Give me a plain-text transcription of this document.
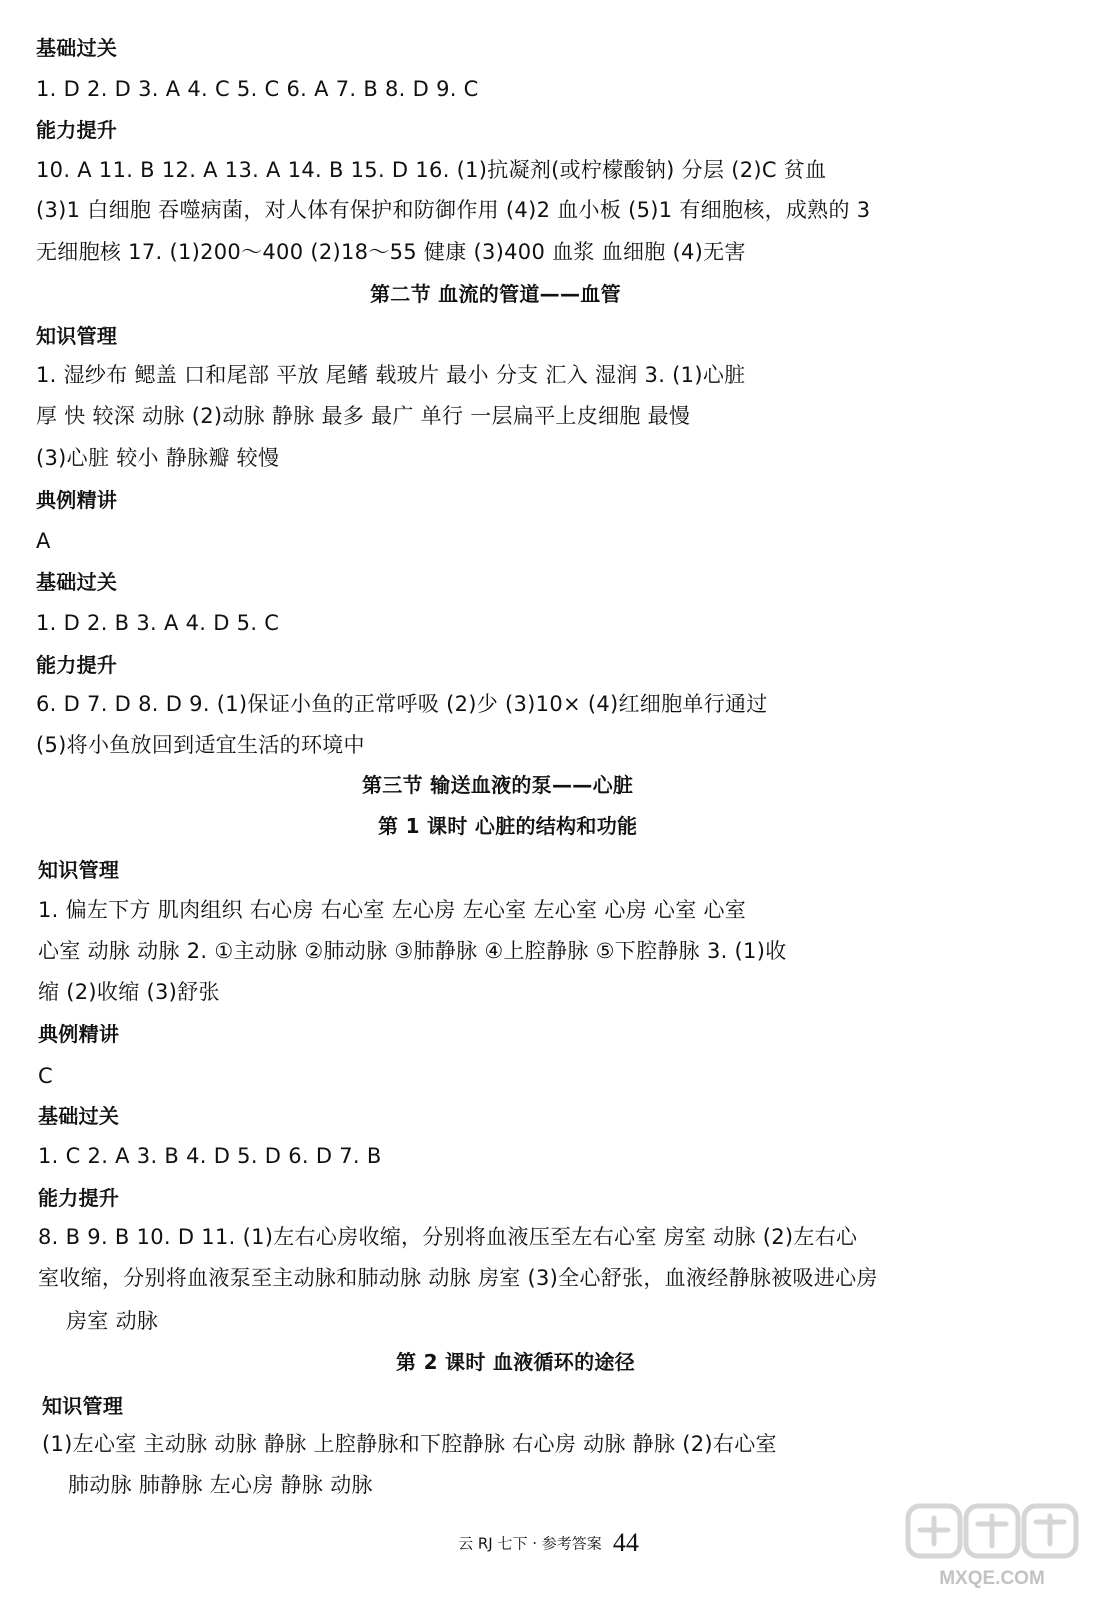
基础过关
1. D 2. D 3. A 4. C 5. C 6. A 7. B 8. D 9. C
能力提升
10. A 11. B 12. A 13. A 14. B 15. D 16. (1)抗凝剂(或柠檬酸钠) 分层 (2)C 贫血
(3)1 白细胞 吞噬病菌，对人体有保护和防御作用 (4)2 血小板 (5)1 有细胞核，成熟的 3
无细胞核 17. (1)200～400 (2)18～55 健康 (3)400 血浆 血细胞 (4)无害
第二节 血流的管道——血管
知识管理
1. 湿纱布 鳃盖 口和尾部 平放 尾鳍 载玻片 最小 分支 汇入 湿润 3. (1)心脏
厚 快 较深 动脉 (2)动脉 静脉 最多 最广 单行 一层扁平上皮细胞 最慢
(3)心脏 较小 静脉瓣 较慢
典例精讲
A
基础过关
1. D 2. B 3. A 4. D 5. C
能力提升
6. D 7. D 8. D 9. (1)保证小鱼的正常呼吸 (2)少 (3)10× (4)红细胞单行通过
(5)将小鱼放回到适宜生活的环境中
第三节 输送血液的泵——心脏
第 1 课时 心脏的结构和功能
知识管理
1. 偏左下方 肌肉组织 右心房 右心室 左心房 左心室 左心室 心房 心室 心室
心室 动脉 动脉 2. ①主动脉 ②肺动脉 ③肺静脉 ④上腔静脉 ⑤下腔静脉 3. (1)收
缩 (2)收缩 (3)舒张
典例精讲
C
基础过关
1. C 2. A 3. B 4. D 5. D 6. D 7. B
能力提升
8. B 9. B 10. D 11. (1)左右心房收缩，分别将血液压至左右心室 房室 动脉 (2)左右心
室收缩，分别将血液泵至主动脉和肺动脉 动脉 房室 (3)全心舒张，血液经静脉被吸进心房
房室 动脉
第 2 课时 血液循环的途径
知识管理
(1)左心室 主动脉 动脉 静脉 上腔静脉和下腔静脉 右心房 动脉 静脉 (2)右心室
肺动脉 肺静脉 左心房 静脉 动脉
云 RJ 七下 · 参考答案 44
MXQE.COM
